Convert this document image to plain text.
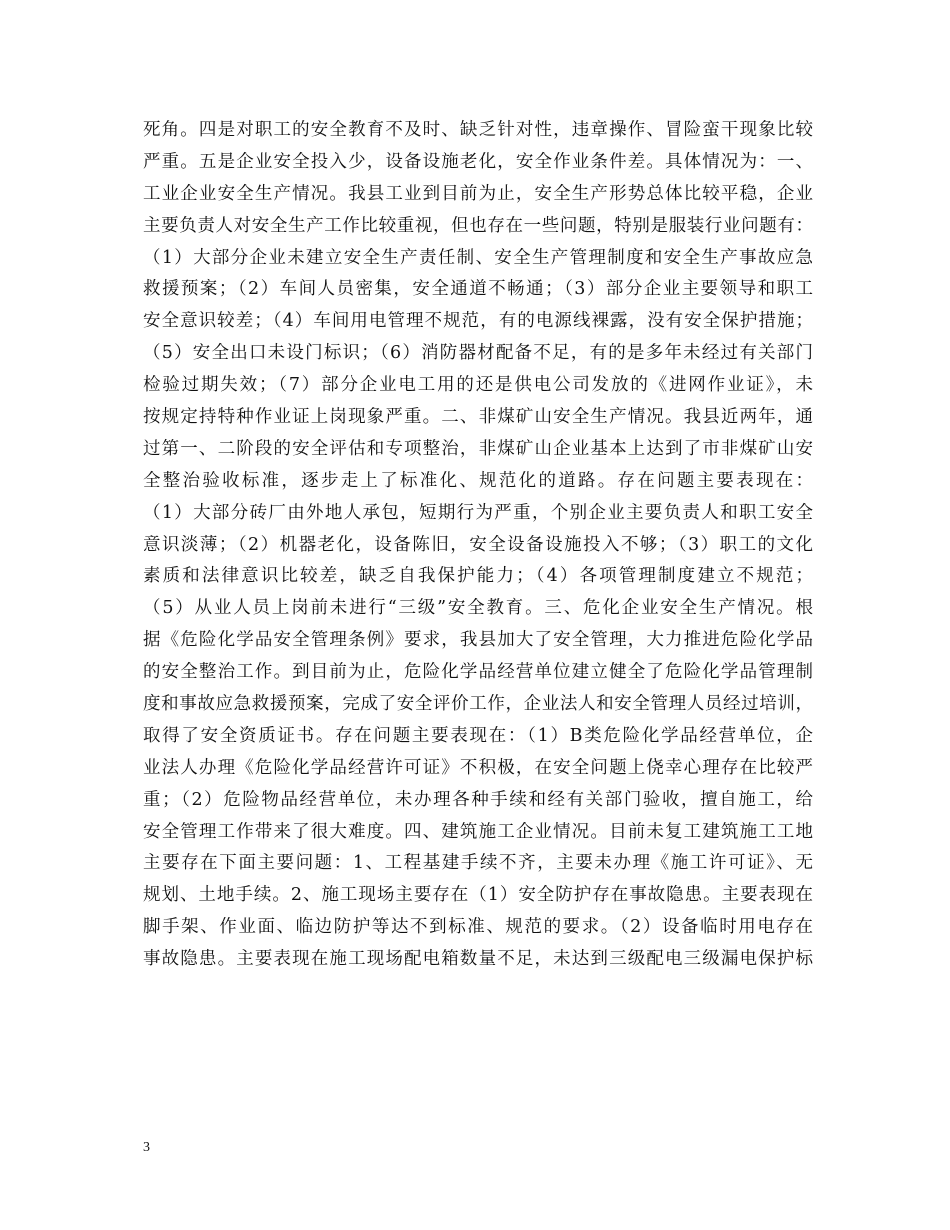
死角。四是对职工的安全教育不及时、缺乏针对性，违章操作、冒险蛮干现象比较
严重。五是企业安全投入少，设备设施老化，安全作业条件差。具体情况为：一、
工业企业安全生产情况。我县工业到目前为止，安全生产形势总体比较平稳，企业
主要负责人对安全生产工作比较重视，但也存在一些问题，特别是服装行业问题有：
（1）大部分企业未建立安全生产责任制、安全生产管理制度和安全生产事故应急
救援预案；（2）车间人员密集，安全通道不畅通；（3）部分企业主要领导和职工
安全意识较差；（4）车间用电管理不规范，有的电源线裸露，没有安全保护措施；
（5）安全出口未设门标识；（6）消防器材配备不足，有的是多年未经过有关部门
检验过期失效；（7）部分企业电工用的还是供电公司发放的《进网作业证》，未
按规定持特种作业证上岗现象严重。二、非煤矿山安全生产情况。我县近两年，通
过第一、二阶段的安全评估和专项整治，非煤矿山企业基本上达到了市非煤矿山安
全整治验收标准，逐步走上了标准化、规范化的道路。存在问题主要表现在：
（1）大部分砖厂由外地人承包，短期行为严重，个别企业主要负责人和职工安全
意识淡薄；（2）机器老化，设备陈旧，安全设备设施投入不够；（3）职工的文化
素质和法律意识比较差，缺乏自我保护能力；（4）各项管理制度建立不规范；
（5）从业人员上岗前未进行“三级”安全教育。三、危化企业安全生产情况。根
据《危险化学品安全管理条例》要求，我县加大了安全管理，大力推进危险化学品
的安全整治工作。到目前为止，危险化学品经营单位建立健全了危险化学品管理制
度和事故应急救援预案，完成了安全评价工作，企业法人和安全管理人员经过培训，
取得了安全资质证书。存在问题主要表现在：（1）B类危险化学品经营单位，企
业法人办理《危险化学品经营许可证》不积极，在安全问题上侥幸心理存在比较严
重；（2）危险物品经营单位，未办理各种手续和经有关部门验收，擅自施工，给
安全管理工作带来了很大难度。四、建筑施工企业情况。目前未复工建筑施工工地
主要存在下面主要问题：1、工程基建手续不齐，主要未办理《施工许可证》、无
规划、土地手续。2、施工现场主要存在（1）安全防护存在事故隐患。主要表现在
脚手架、作业面、临边防护等达不到标准、规范的要求。（2）设备临时用电存在
事故隐患。主要表现在施工现场配电箱数量不足，未达到三级配电三级漏电保护标
3
